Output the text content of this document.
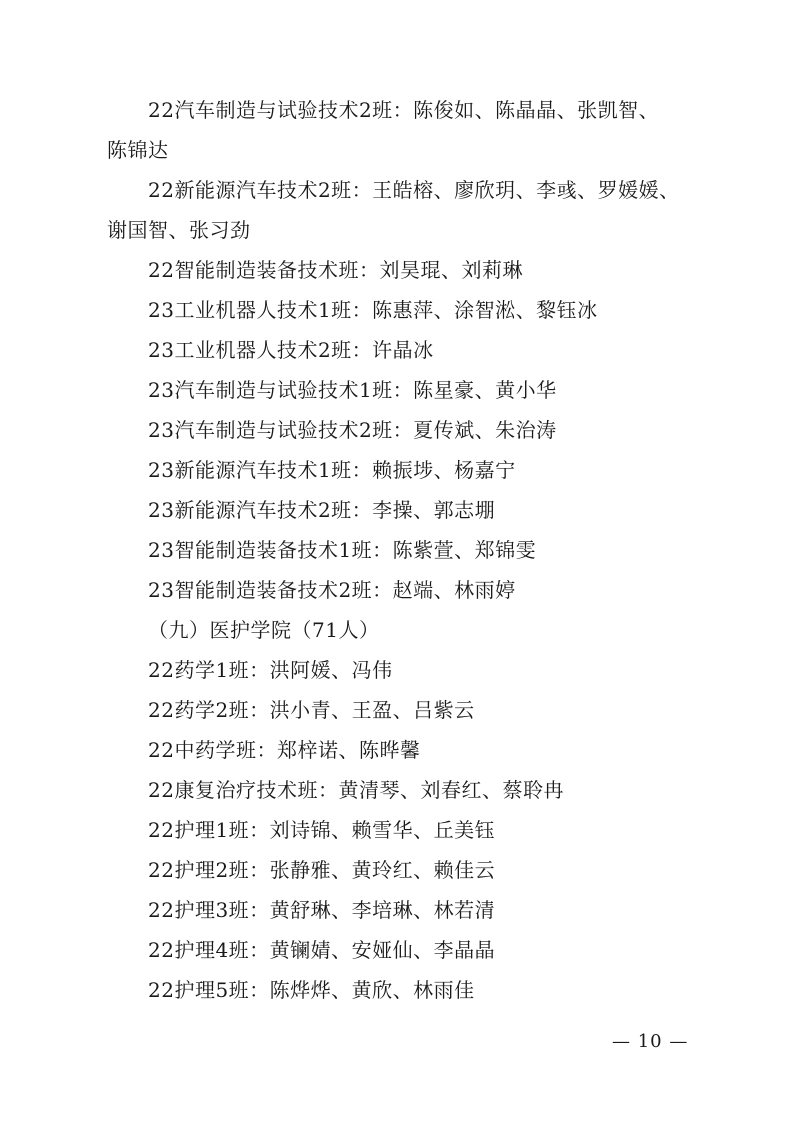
22汽车制造与试验技术2班：陈俊如、陈晶晶、张凯智、
陈锦达
22新能源汽车技术2班：王皓榕、廖欣玥、李彧、罗媛媛、
谢国智、张习劲
22智能制造装备技术班：刘昊琨、刘莉琳
23工业机器人技术1班：陈惠萍、涂智淞、黎钰冰
23工业机器人技术2班：许晶冰
23汽车制造与试验技术1班：陈星豪、黄小华
23汽车制造与试验技术2班：夏传斌、朱治涛
23新能源汽车技术1班：赖振埗、杨嘉宁
23新能源汽车技术2班：李操、郭志堋
23智能制造装备技术1班：陈紫萱、郑锦雯
23智能制造装备技术2班：赵端、林雨婷
（九）医护学院（71人）
22药学1班：洪阿媛、冯伟
22药学2班：洪小青、王盈、吕紫云
22中药学班：郑梓诺、陈晔馨
22康复治疗技术班：黄清琴、刘春红、蔡聆冉
22护理1班：刘诗锦、赖雪华、丘美钰
22护理2班：张静雅、黄玲红、赖佳云
22护理3班：黄舒琳、李培琳、林若清
22护理4班：黄镧婧、安娅仙、李晶晶
22护理5班：陈烨烨、黄欣、林雨佳
— 10 —
